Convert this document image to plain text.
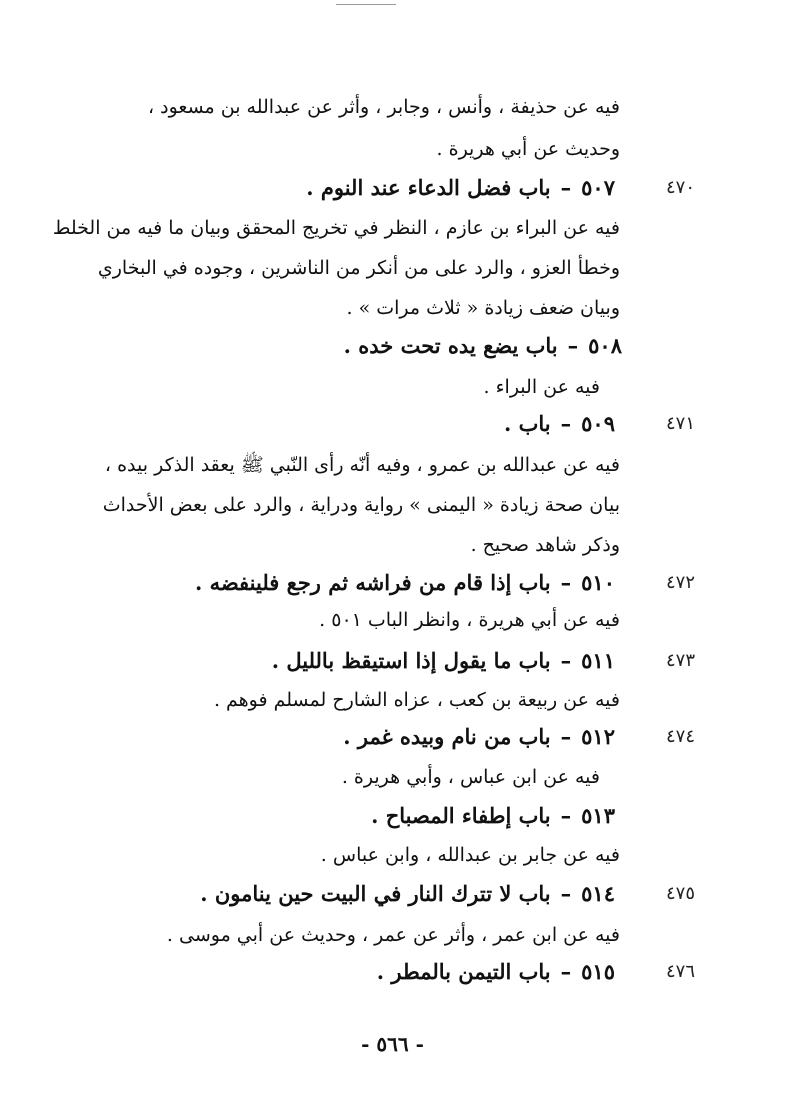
فيه عن حذيفة ، وأنس ، وجابر ، وأثر عن عبدالله بن مسعود ،
وحديث عن أبي هريرة .
٤٧٠
٥٠٧–باب فضل الدعاء عند النوم .
فيه عن البراء بن عازم ، النظر في تخريج المحقق وبيان ما فيه من الخلط
وخطأ العزو ، والرد على من أنكر من الناشرين ، وجوده في البخاري
وبيان ضعف زيادة « ثلاث مرات » .
٥٠٨–باب يضع يده تحت خده .
فيه عن البراء .
٤٧١
٥٠٩–باب .
فيه عن عبدالله بن عمرو ، وفيه أنّه رأى النّبي ﷺ يعقد الذكر بيده ،
بيان صحة زيادة « اليمنى » رواية ودراية ، والرد على بعض الأحداث
وذكر شاهد صحيح .
٤٧٢
٥١٠–باب إذا قام من فراشه ثم رجع فلينفضه .
فيه عن أبي هريرة ، وانظر الباب ٥٠١ .
٤٧٣
٥١١–باب ما يقول إذا استيقظ بالليل .
فيه عن ربيعة بن كعب ، عزاه الشارح لمسلم فوهم .
٤٧٤
٥١٢–باب من نام وبيده غمر .
فيه عن ابن عباس ، وأبي هريرة .
٥١٣–باب إطفاء المصباح .
فيه عن جابر بن عبدالله ، وابن عباس .
٤٧٥
٥١٤–باب لا تترك النار في البيت حين ينامون .
فيه عن ابن عمر ، وأثر عن عمر ، وحديث عن أبي موسى .
٤٧٦
٥١٥–باب التيمن بالمطر .
- ٥٦٦ -
